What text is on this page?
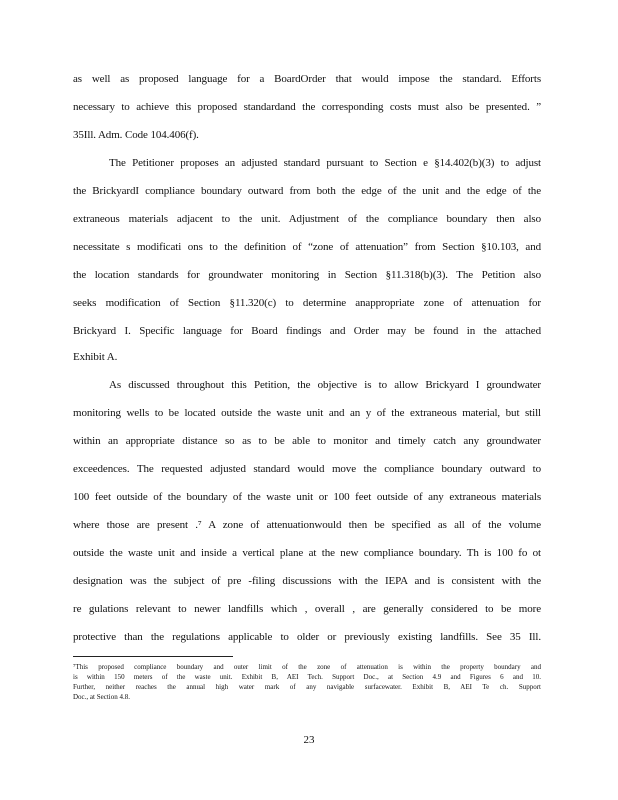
as well as proposed language for a BoardOrder that would impose the standard. Efforts
necessary to achieve this proposed standardand the corresponding costs must also be presented. ”
35Ill. Adm. Code 104.406(f).
The Petitioner proposes an adjusted standard pursuant to Section e §14.402(b)(3) to adjust
the BrickyardI compliance boundary outward from both the edge of the unit and the edge of the
extraneous materials adjacent to the unit. Adjustment of the compliance boundary then also
necessitate s modificati ons to the definition of “zone of attenuation” from Section §10.103, and
the location standards for groundwater monitoring in Section §11.318(b)(3). The Petition also
seeks modification of Section §11.320(c) to determine anappropriate zone of attenuation for
Brickyard I. Specific language for Board findings and Order may be found in the attached
Exhibit A.
As discussed throughout this Petition, the objective is to allow Brickyard I groundwater
monitoring wells to be located outside the waste unit and an y of the extraneous material, but still
within an appropriate distance so as to be able to monitor and timely catch any groundwater
exceedences. The requested adjusted standard would move the compliance boundary outward to
100 feet outside of the boundary of the waste unit or 100 feet outside of any extraneous materials
where those are present .⁷ A zone of attenuationwould then be specified as all of the volume
outside the waste unit and inside a vertical plane at the new compliance boundary. Th is 100 fo ot
designation was the subject of pre -filing discussions with the IEPA and is consistent with the
re gulations relevant to newer landfills which , overall , are generally considered to be more
protective than the regulations applicable to older or previously existing landfills. See 35 Ill.
⁷This proposed compliance boundary and outer limit of the zone of attenuation is within the property boundary and
is within 150 meters of the waste unit. Exhibit B, AEI Tech. Support Doc., at Section 4.9 and Figures 6 and 10.
Further, neither reaches the annual high water mark of any navigable surfacewater. Exhibit B, AEI Te ch. Support
Doc., at Section 4.8.
23
